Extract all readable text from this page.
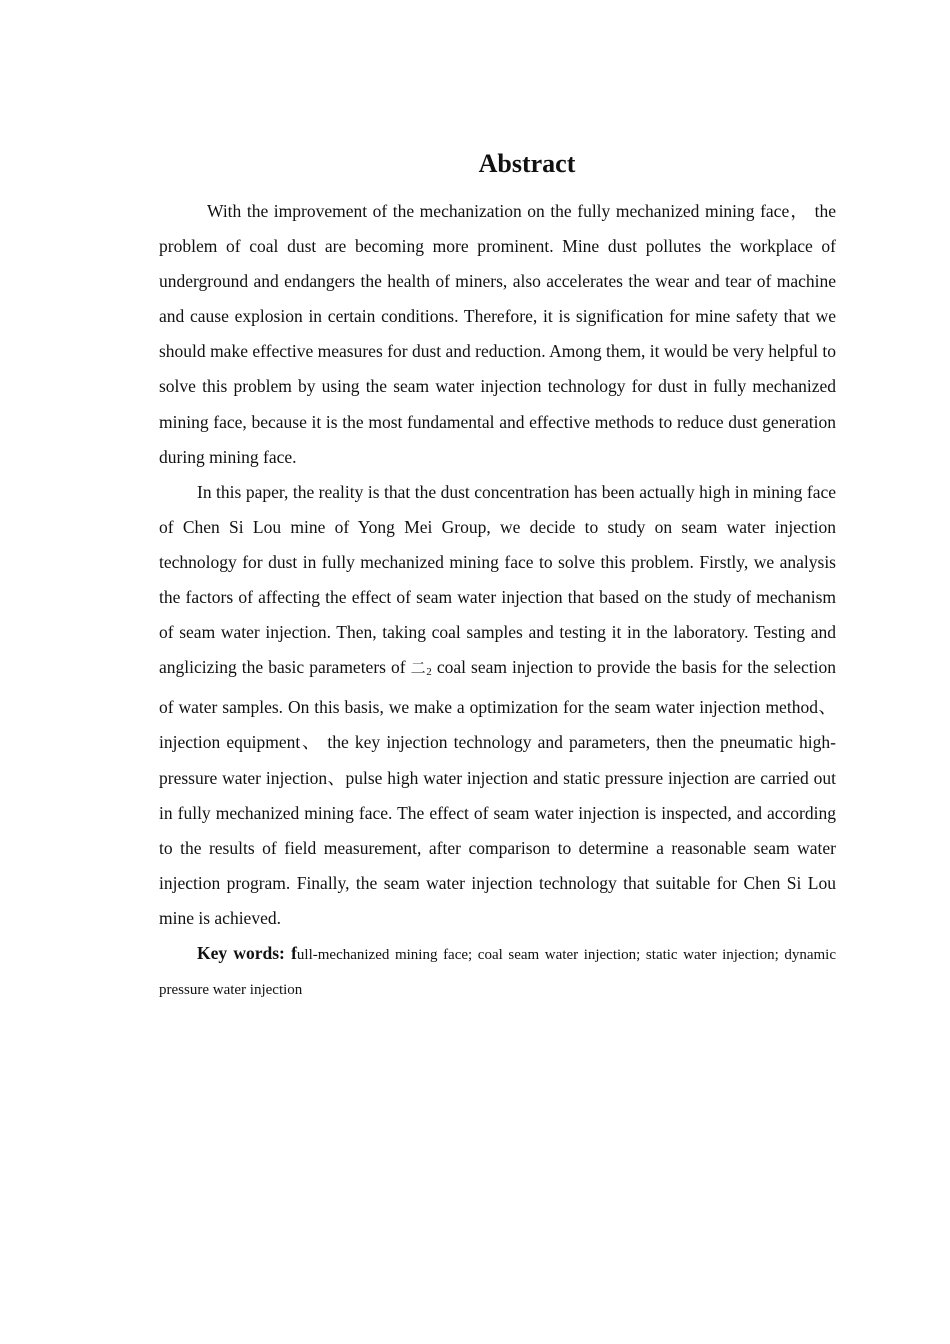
Abstract

With the improvement of the mechanization on the fully mechanized mining face， the problem of coal dust are becoming more prominent. Mine dust pollutes the workplace of underground and endangers the health of miners, also accelerates the wear and tear of machine and cause explosion in certain conditions. Therefore, it is signification for mine safety that we should make effective measures for dust and reduction. Among them, it would be very helpful to solve this problem by using the seam water injection technology for dust in fully mechanized mining face, because it is the most fundamental and effective methods to reduce dust generation during mining face.

In this paper, the reality is that the dust concentration has been actually high in mining face of Chen Si Lou mine of Yong Mei Group, we decide to study on seam water injection technology for dust in fully mechanized mining face to solve this problem. Firstly, we analysis the factors of affecting the effect of seam water injection that based on the study of mechanism of seam water injection. Then, taking coal samples and testing it in the laboratory. Testing and anglicizing the basic parameters of 二2 coal seam injection to provide the basis for the selection of water samples. On this basis, we make a optimization for the seam water injection method、 injection equipment、 the key injection technology and parameters, then the pneumatic high-pressure water injection、pulse high water injection and static pressure injection are carried out in fully mechanized mining face. The effect of seam water injection is inspected, and according to the results of field measurement, after comparison to determine a reasonable seam water injection program. Finally, the seam water injection technology that suitable for Chen Si Lou mine is achieved.

Key words: full-mechanized mining face; coal seam water injection; static water injection; dynamic pressure water injection
